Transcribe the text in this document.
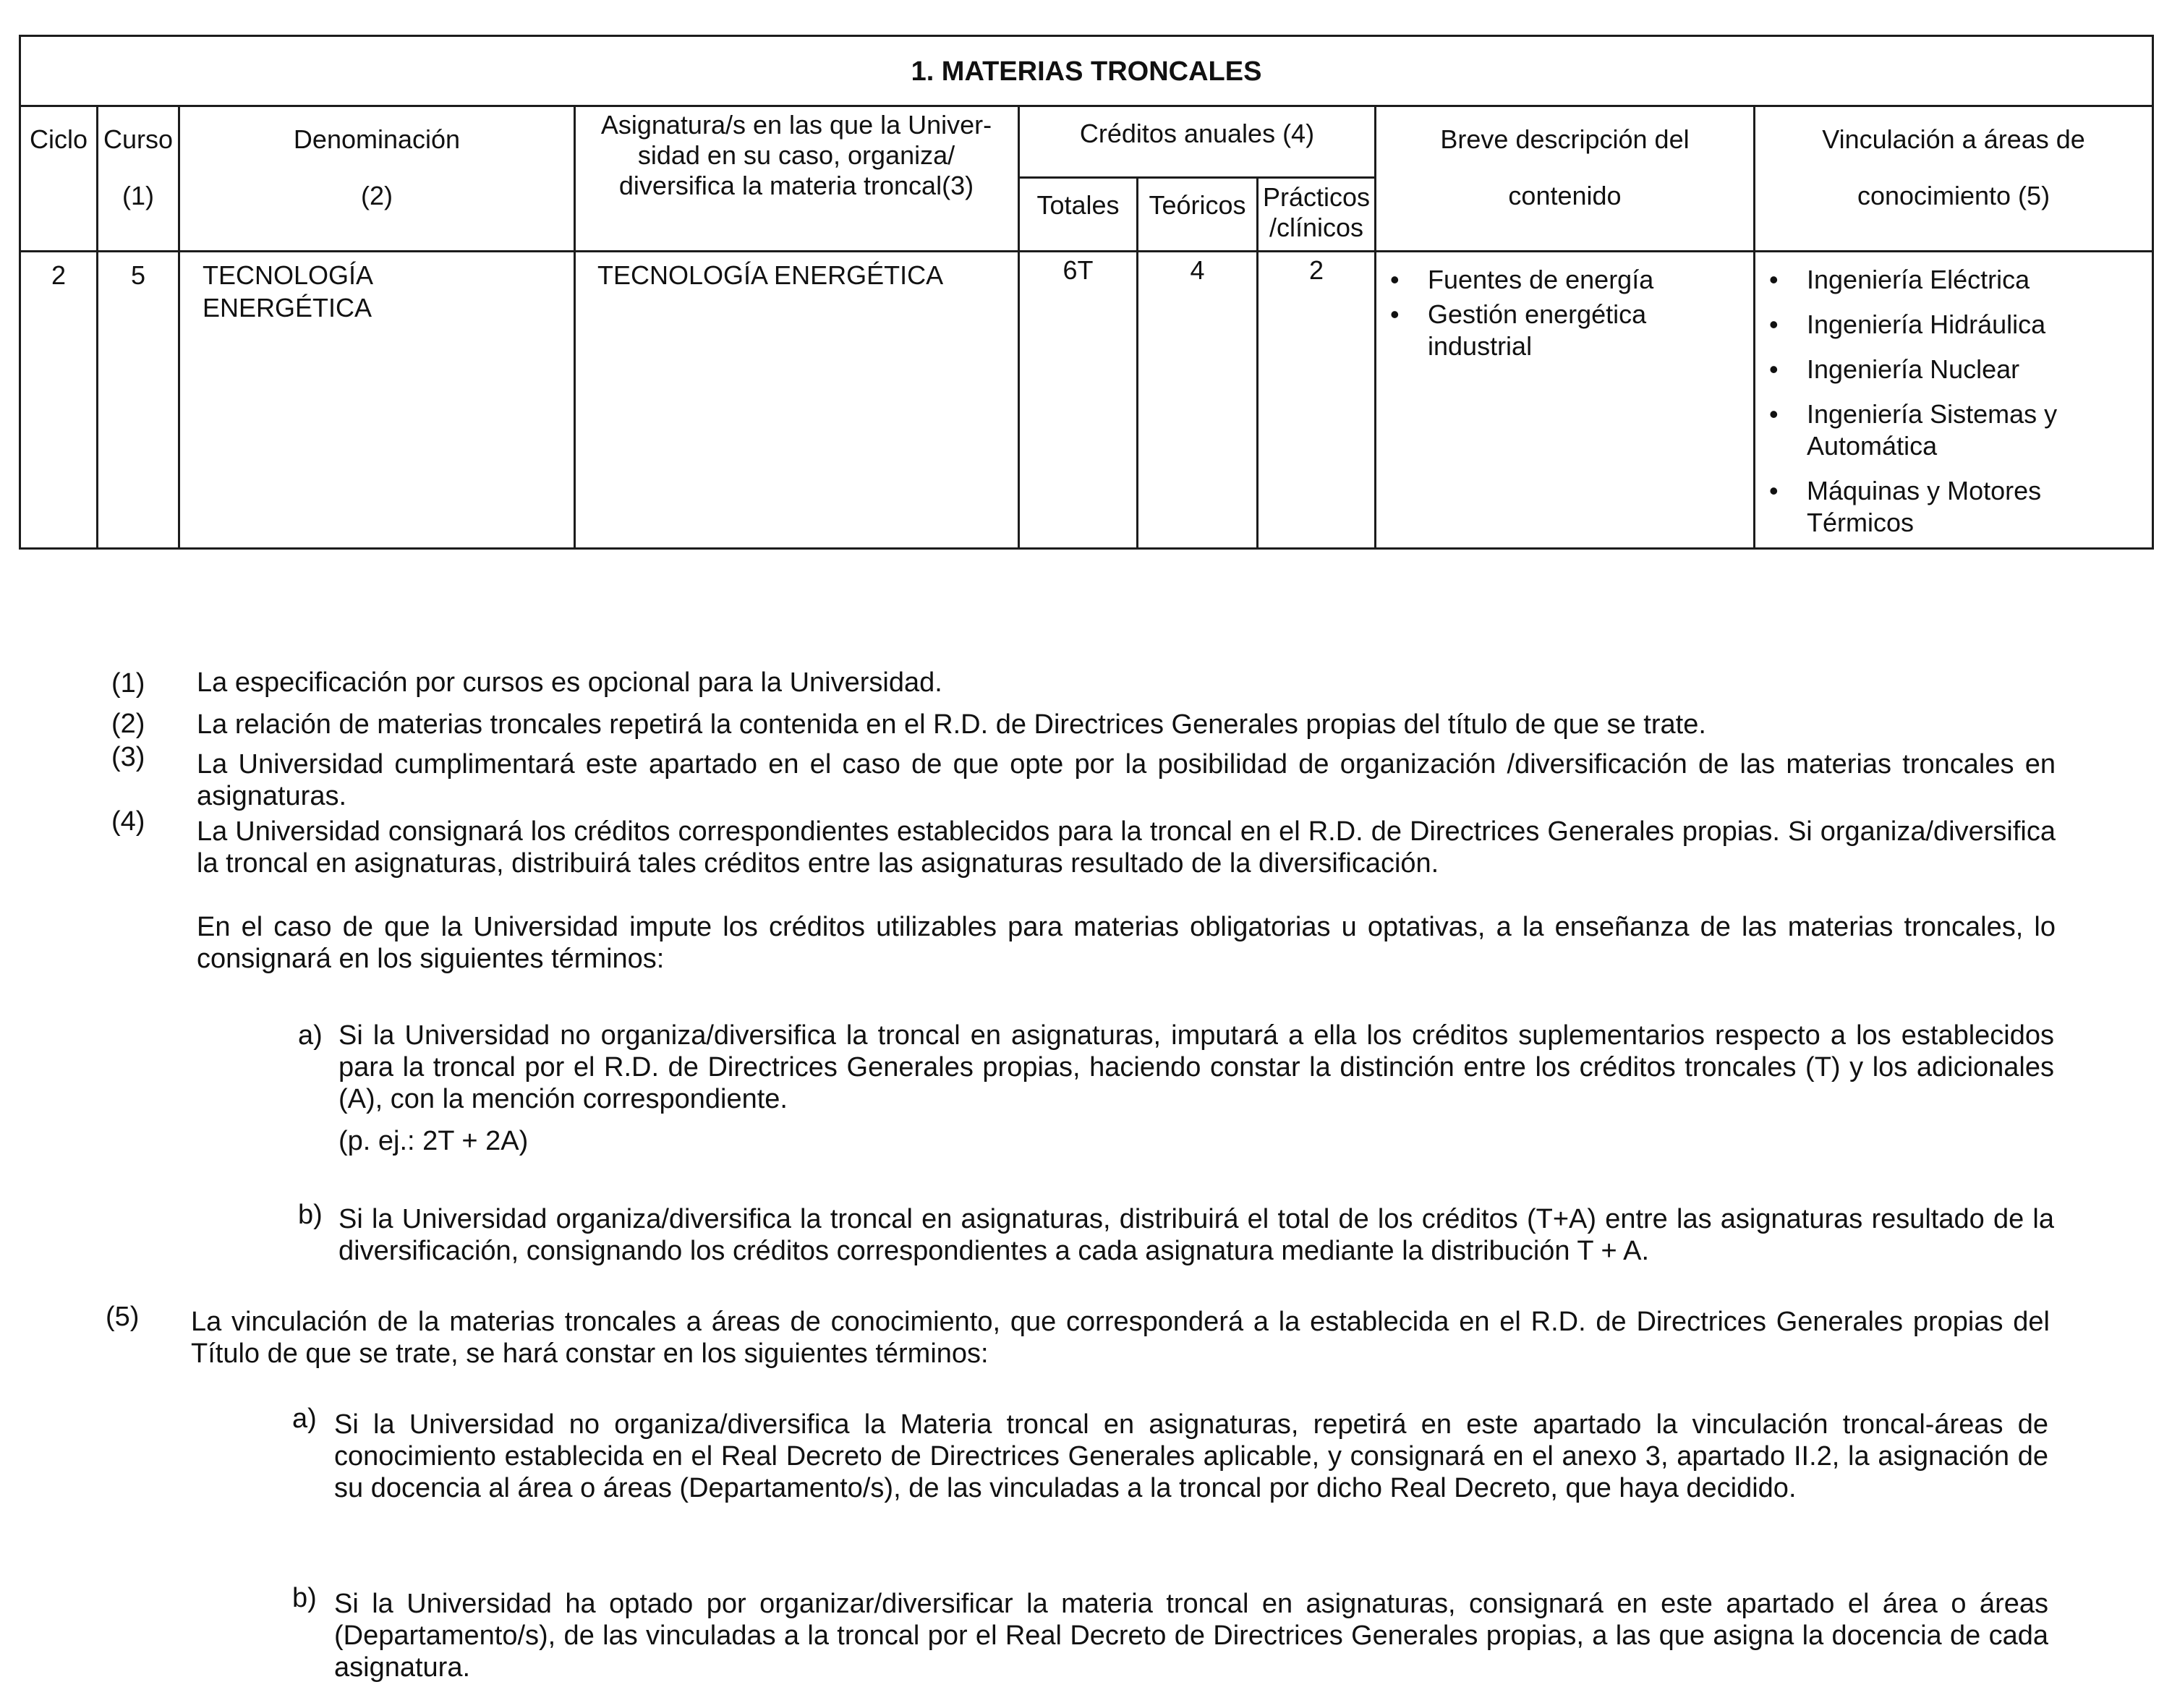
1. MATERIAS TRONCALES
Ciclo Curso
(1)
Denominación
(2)
Asignatura/s en las que la Univer-sidad en su caso, organiza/ diversifica la materia troncal(3)
Créditos anuales (4)
Totales	Teóricos Prácticos /clínicos
Breve descripción del
contenido
Vinculación a áreas de
conocimiento (5)
2	5	TECNOLOGÍA ENERGÉTICA
TECNOLOGÍA ENERGÉTICA	6T	4	2
•	Fuentes de energía
• Gestión energética industrial
• Ingeniería Eléctrica
• Ingeniería Hidráulica
• Ingeniería Nuclear
• Ingeniería Sistemas y Automática
• Máquinas y Motores Térmicos
(1) La especificación por cursos es opcional para la Universidad.
(2) La relación de materias troncales repetirá la contenida en el R.D. de Directrices Generales propias del título de que se trate.
(3) La Universidad cumplimentará este apartado en el caso de que opte por la posibilidad de organización /diversificación de las materias troncales en asignaturas.
(4) La Universidad consignará los créditos correspondientes establecidos para la troncal en el R.D. de Directrices Generales propias. Si organiza/diversifica la troncal en asignaturas, distribuirá tales créditos entre las asignaturas resultado de la diversificación.
En el caso de que la Universidad impute los créditos utilizables para materias obligatorias u optativas, a la enseñanza de las materias troncales, lo consignará en los siguientes términos:
a) Si la Universidad no organiza/diversifica la troncal en asignaturas, imputará a ella los créditos suplementarios respecto a los establecidos para la troncal por el R.D. de Directrices Generales propias, haciendo constar la distinción entre los créditos troncales (T) y los adicionales (A), con la mención correspondiente.
(p. ej.: 2T + 2A)
b) Si la Universidad organiza/diversifica la troncal en asignaturas, distribuirá el total de los créditos (T+A) entre las asignaturas resultado de la diversificación, consignando los créditos correspondientes a cada asignatura mediante la distribución T + A.
(5) La vinculación de la materias troncales a áreas de conocimiento, que corresponderá a la establecida en el R.D. de Directrices Generales propias del Título de que se trate, se hará constar en los siguientes términos:
a) Si la Universidad no organiza/diversifica la Materia troncal en asignaturas, repetirá en este apartado la vinculación troncal-áreas de conocimiento establecida en el Real Decreto de Directrices Generales aplicable, y consignará en el anexo 3, apartado II.2, la asignación de su docencia al área o áreas (Departamento/s), de las vinculadas a la troncal por dicho Real Decreto, que haya decidido.
b) Si la Universidad ha optado por organizar/diversificar la materia troncal en asignaturas, consignará en este apartado el área o áreas (Departamento/s), de las vinculadas a la troncal por el Real Decreto de Directrices Generales propias, a las que asigna la docencia de cada asignatura.
